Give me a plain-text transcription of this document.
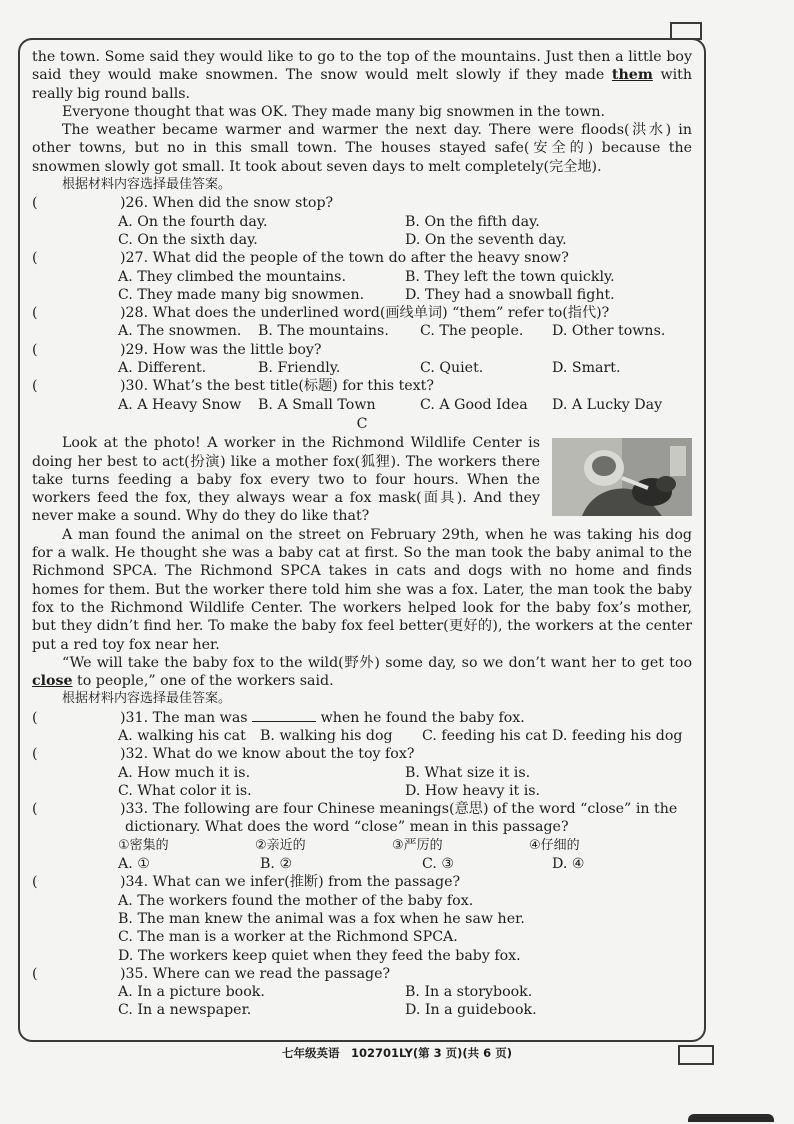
the town. Some said they would like to go to the top of the mountains. Just then a little boy said they would make snowmen. The snow would melt slowly if they made them with really big round balls.

Everyone thought that was OK. They made many big snowmen in the town.

The weather became warmer and warmer the next day. There were floods(洪水) in other towns, but no in this small town. The houses stayed safe(安全的) because the snowmen slowly got small. It took about seven days to melt completely(完全地).

根据材料内容选择最佳答案。
(	)26. When did the snow stop?
A. On the fourth day.	B. On the fifth day.
C. On the sixth day.	D. On the seventh day.
(	)27. What did the people of the town do after the heavy snow?
A. They climbed the mountains.	B. They left the town quickly.
C. They made many big snowmen.	D. They had a snowball fight.
(	)28. What does the underlined word(画线单词) “them” refer to(指代)?
A. The snowmen.	B. The mountains.	C. The people.	D. Other towns.
(	)29. How was the little boy?
A. Different.	B. Friendly.	C. Quiet.	D. Smart.
(	)30. What’s the best title(标题) for this text?
A. A Heavy Snow	B. A Small Town	C. A Good Idea	D. A Lucky Day
C

Look at the photo! A worker in the Richmond Wildlife Center is doing her best to act(扮演) like a mother fox(狐狸). The workers there take turns feeding a baby fox every two to four hours. When the workers feed the fox, they always wear a fox mask(面具). And they never make a sound. Why do they do like that?

A man found the animal on the street on February 29th, when he was taking his dog for a walk. He thought she was a baby cat at first. So the man took the baby animal to the Richmond SPCA. The Richmond SPCA takes in cats and dogs with no home and finds homes for them. But the worker there told him she was a fox. Later, the man took the baby fox to the Richmond Wildlife Center. The workers helped look for the baby fox’s mother, but they didn’t find her. To make the baby fox feel better(更好的), the workers at the center put a red toy fox near her.

“We will take the baby fox to the wild(野外) some day, so we don’t want her to get too close to people,” one of the workers said.

根据材料内容选择最佳答案。
(	)31. The man was	when he found the baby fox.
A. walking his cat B. walking his dog	C. feeding his cat D. feeding his dog
(	)32. What do we know about the toy fox?
A. How much it is.	B. What size it is.
C. What color it is.	D. How heavy it is.
(	)33. The following are four Chinese meanings(意思) of the word “close” in the
dictionary. What does the word “close” mean in this passage?
①密集的	②亲近的	③严厉的	④仔细的
A. ①	B. ②	C. ③	D. ④
(	)34. What can we infer(推断) from the passage?
A. The workers found the mother of the baby fox.
B. The man knew the animal was a fox when he saw her.
C. The man is a worker at the Richmond SPCA.
D. The workers keep quiet when they feed the baby fox.
(	)35. Where can we read the passage?
A. In a picture book.	B. In a storybook.
C. In a newspaper.	D. In a guidebook.
七年级英语　102701LY(第 3 页)(共 6 页)
